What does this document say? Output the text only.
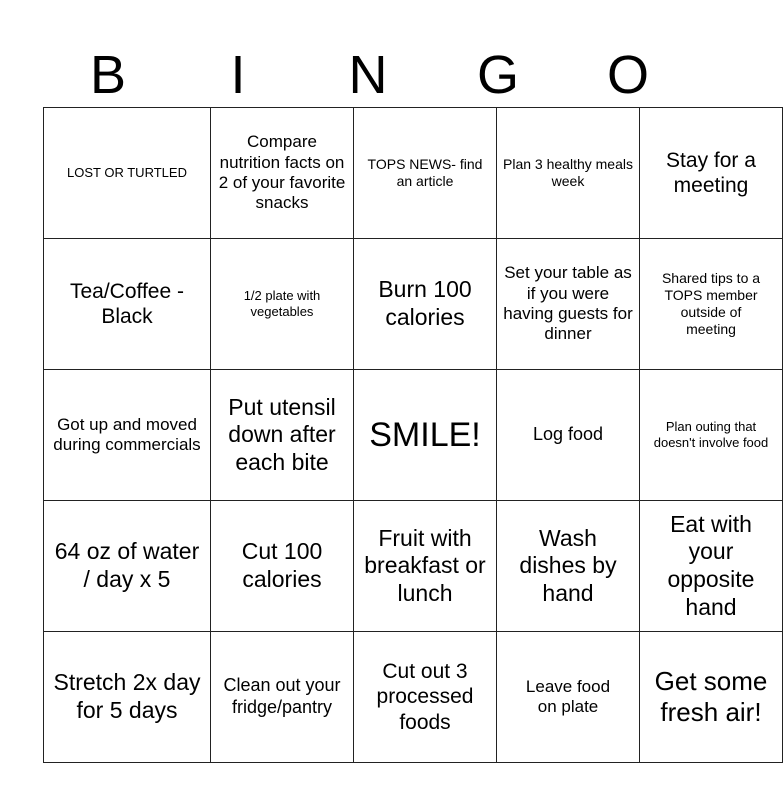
B	I	N	G	O
LOST OR TURTLED	Compare nutrition facts on 2 of your favorite snacks	TOPS NEWS- find an article	Plan 3 healthy meals week	Stay for a meeting
Tea/Coffee - Black	1/2 plate with vegetables	Burn 100 calories	Set your table as if you were having guests for dinner	Shared tips to a TOPS member outside of meeting
Got up and moved during commercials	Put utensil down after each bite	SMILE!	Log food	Plan outing that doesn't involve food
64 oz of water / day x 5	Cut 100 calories	Fruit with breakfast or lunch	Wash dishes by hand	Eat with your opposite hand
Stretch 2x day for 5 days	Clean out your fridge/pantry	Cut out 3 processed foods	Leave food on plate	Get some fresh air!
